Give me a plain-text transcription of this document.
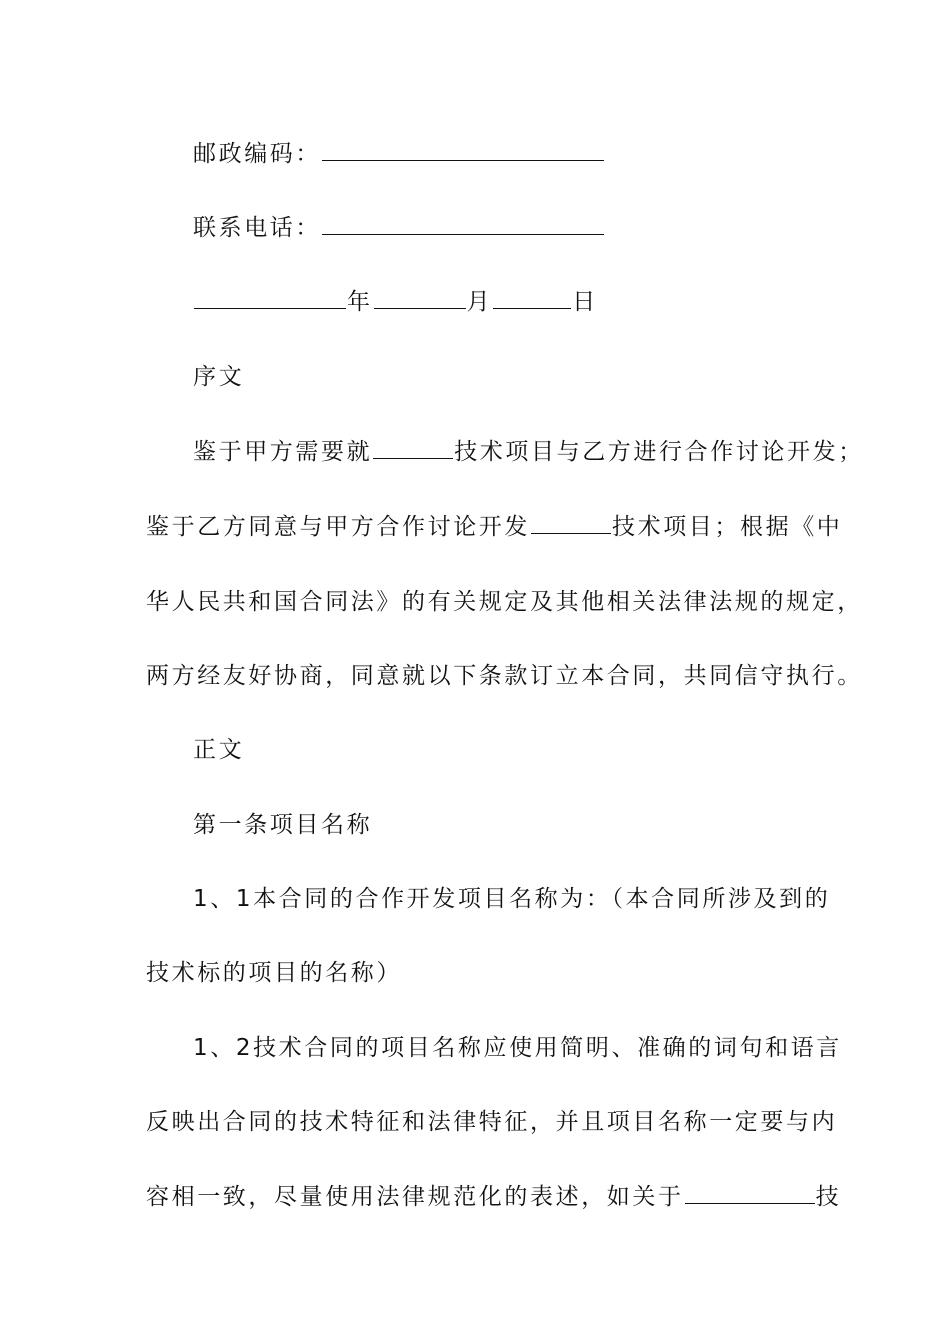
邮政编码：
联系电话：
年	月	日
序文
鉴于甲方需要就	技术项目与乙方进行合作讨论开发；
鉴于乙方同意与甲方合作讨论开发	技术项目；根据《中
华人民共和国合同法》的有关规定及其他相关法律法规的规定，
两方经友好协商，同意就以下条款订立本合同，共同信守执行。
正文
第一条项目名称
1、1本合同的合作开发项目名称为：（本合同所涉及到的
技术标的项目的名称）
1、2技术合同的项目名称应使用简明、准确的词句和语言
反映出合同的技术特征和法律特征，并且项目名称一定要与内
容相一致，尽量使用法律规范化的表述，如关于	技
